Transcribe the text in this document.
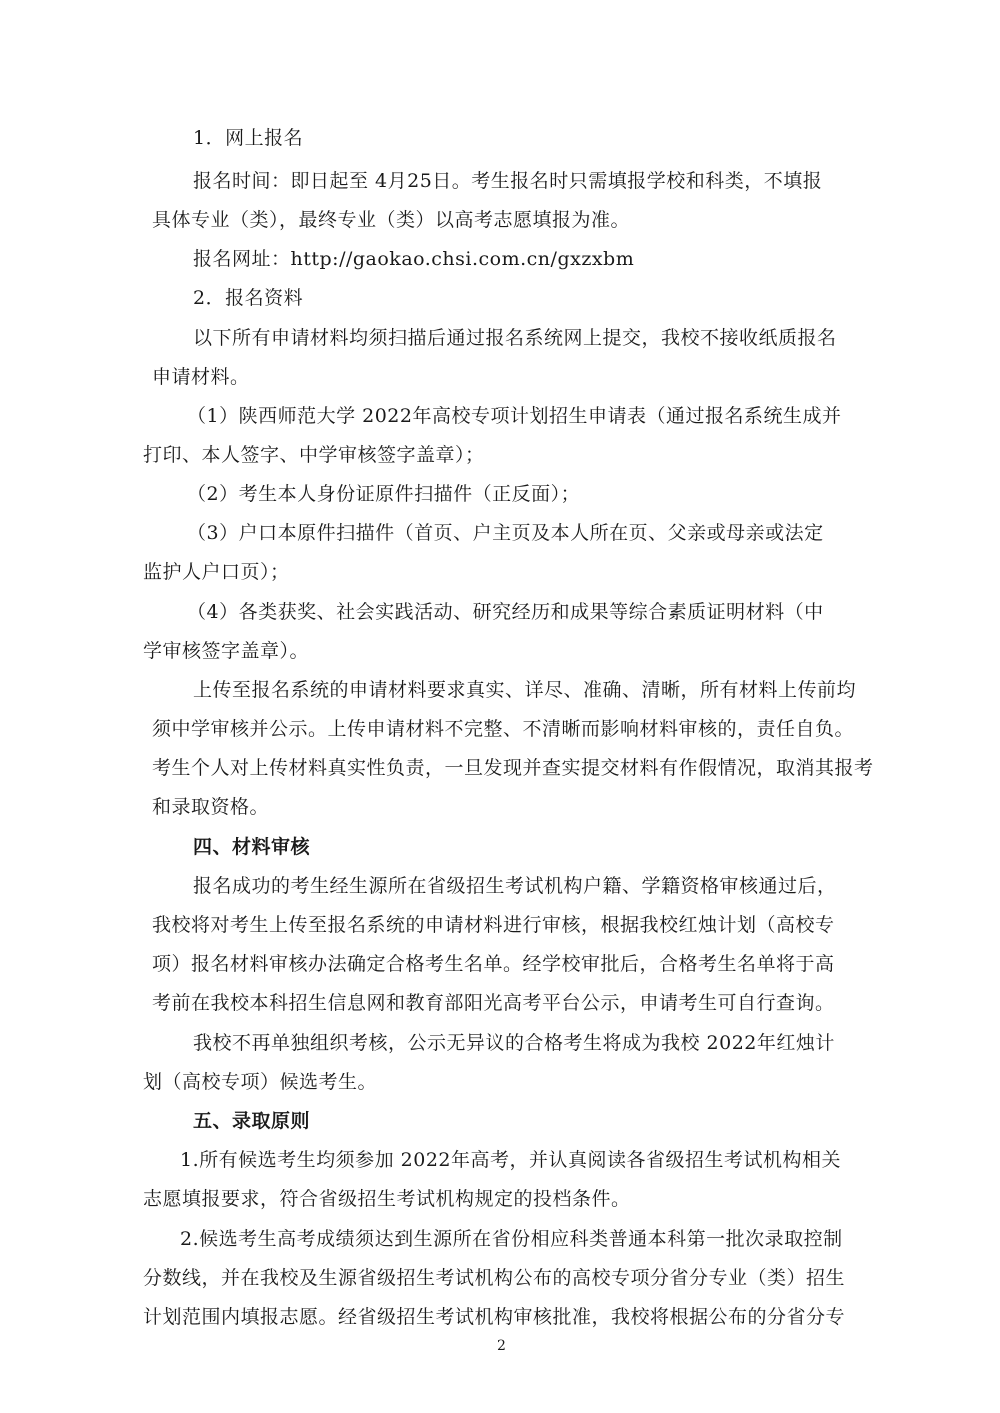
1．网上报名
报名时间：即日起至 4月25日。考生报名时只需填报学校和科类，不填报
具体专业（类），最终专业（类）以高考志愿填报为准。
报名网址：http://gaokao.chsi.com.cn/gxzxbm
2．报名资料
以下所有申请材料均须扫描后通过报名系统网上提交，我校不接收纸质报名
申请材料。
（1）陕西师范大学 2022年高校专项计划招生申请表（通过报名系统生成并
打印、本人签字、中学审核签字盖章）；
（2）考生本人身份证原件扫描件（正反面）；
（3）户口本原件扫描件（首页、户主页及本人所在页、父亲或母亲或法定
监护人户口页）；
（4）各类获奖、社会实践活动、研究经历和成果等综合素质证明材料（中
学审核签字盖章）。
上传至报名系统的申请材料要求真实、详尽、准确、清晰，所有材料上传前均
须中学审核并公示。上传申请材料不完整、不清晰而影响材料审核的，责任自负。
考生个人对上传材料真实性负责，一旦发现并查实提交材料有作假情况，取消其报考
和录取资格。
四、材料审核
报名成功的考生经生源所在省级招生考试机构户籍、学籍资格审核通过后，
我校将对考生上传至报名系统的申请材料进行审核，根据我校红烛计划（高校专
项）报名材料审核办法确定合格考生名单。经学校审批后，合格考生名单将于高
考前在我校本科招生信息网和教育部阳光高考平台公示，申请考生可自行查询。
我校不再单独组织考核，公示无异议的合格考生将成为我校 2022年红烛计
划（高校专项）候选考生。
五、录取原则
1.所有候选考生均须参加 2022年高考，并认真阅读各省级招生考试机构相关
志愿填报要求，符合省级招生考试机构规定的投档条件。
2.候选考生高考成绩须达到生源所在省份相应科类普通本科第一批次录取控制
分数线，并在我校及生源省级招生考试机构公布的高校专项分省分专业（类）招生
计划范围内填报志愿。经省级招生考试机构审核批准，我校将根据公布的分省分专
2
